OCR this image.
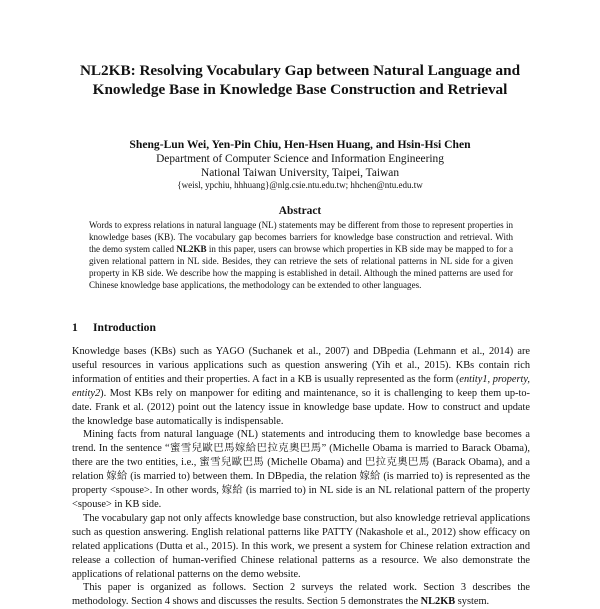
NL2KB: Resolving Vocabulary Gap between Natural Language and
Knowledge Base in Knowledge Base Construction and Retrieval
Sheng-Lun Wei, Yen-Pin Chiu, Hen-Hsen Huang, and Hsin-Hsi Chen
Department of Computer Science and Information Engineering
National Taiwan University, Taipei, Taiwan
{weisl, ypchiu, hhhuang}@nlg.csie.ntu.edu.tw; hhchen@ntu.edu.tw
Abstract
Words to express relations in natural language (NL) statements may be different from those to represent properties in knowledge bases (KB). The vocabulary gap becomes barriers for knowledge base construction and retrieval. With the demo system called NL2KB in this paper, users can browse which properties in KB side may be mapped to for a given relational pattern in NL side. Besides, they can retrieve the sets of relational patterns in NL side for a given property in KB side. We describe how the mapping is established in detail. Although the mined patterns are used for Chinese knowledge base applications, the methodology can be extended to other languages.
1 Introduction

Knowledge bases (KBs) such as YAGO (Suchanek et al., 2007) and DBpedia (Lehmann et al., 2014) are useful resources in various applications such as question answering (Yih et al., 2015). KBs contain rich information of entities and their properties. A fact in a KB is usually represented as the form (entity1, property, entity2). Most KBs rely on manpower for editing and maintenance, so it is challenging to keep them up-to-date. Frank et al. (2012) point out the latency issue in knowledge base update. How to construct and update the knowledge base automatically is indispensable.

Mining facts from natural language (NL) statements and introducing them to knowledge base becomes a trend. In the sentence “蜜雪兒歐巴馬嫁給巴拉克奧巴馬” (Michelle Obama is married to Barack Obama), there are the two entities, i.e., 蜜雪兒歐巴馬 (Michelle Obama) and 巴拉克奧巴馬 (Barack Obama), and a relation 嫁給 (is married to) between them. In DBpedia, the relation 嫁給 (is married to) is represented as the property <spouse>. In other words, 嫁給 (is married to) in NL side is an NL relational pattern of the property <spouse> in KB side.

The vocabulary gap not only affects knowledge base construction, but also knowledge retrieval applications such as question answering. English relational patterns like PATTY (Nakashole et al., 2012) show efficacy on related applications (Dutta et al., 2015). In this work, we present a system for Chinese relation extraction and release a collection of human-verified Chinese relational patterns as a resource. We also demonstrate the applications of relational patterns on the demo website.

This paper is organized as follows. Section 2 surveys the related work. Section 3 describes the methodology. Section 4 shows and discusses the results. Section 5 demonstrates the NL2KB system.
